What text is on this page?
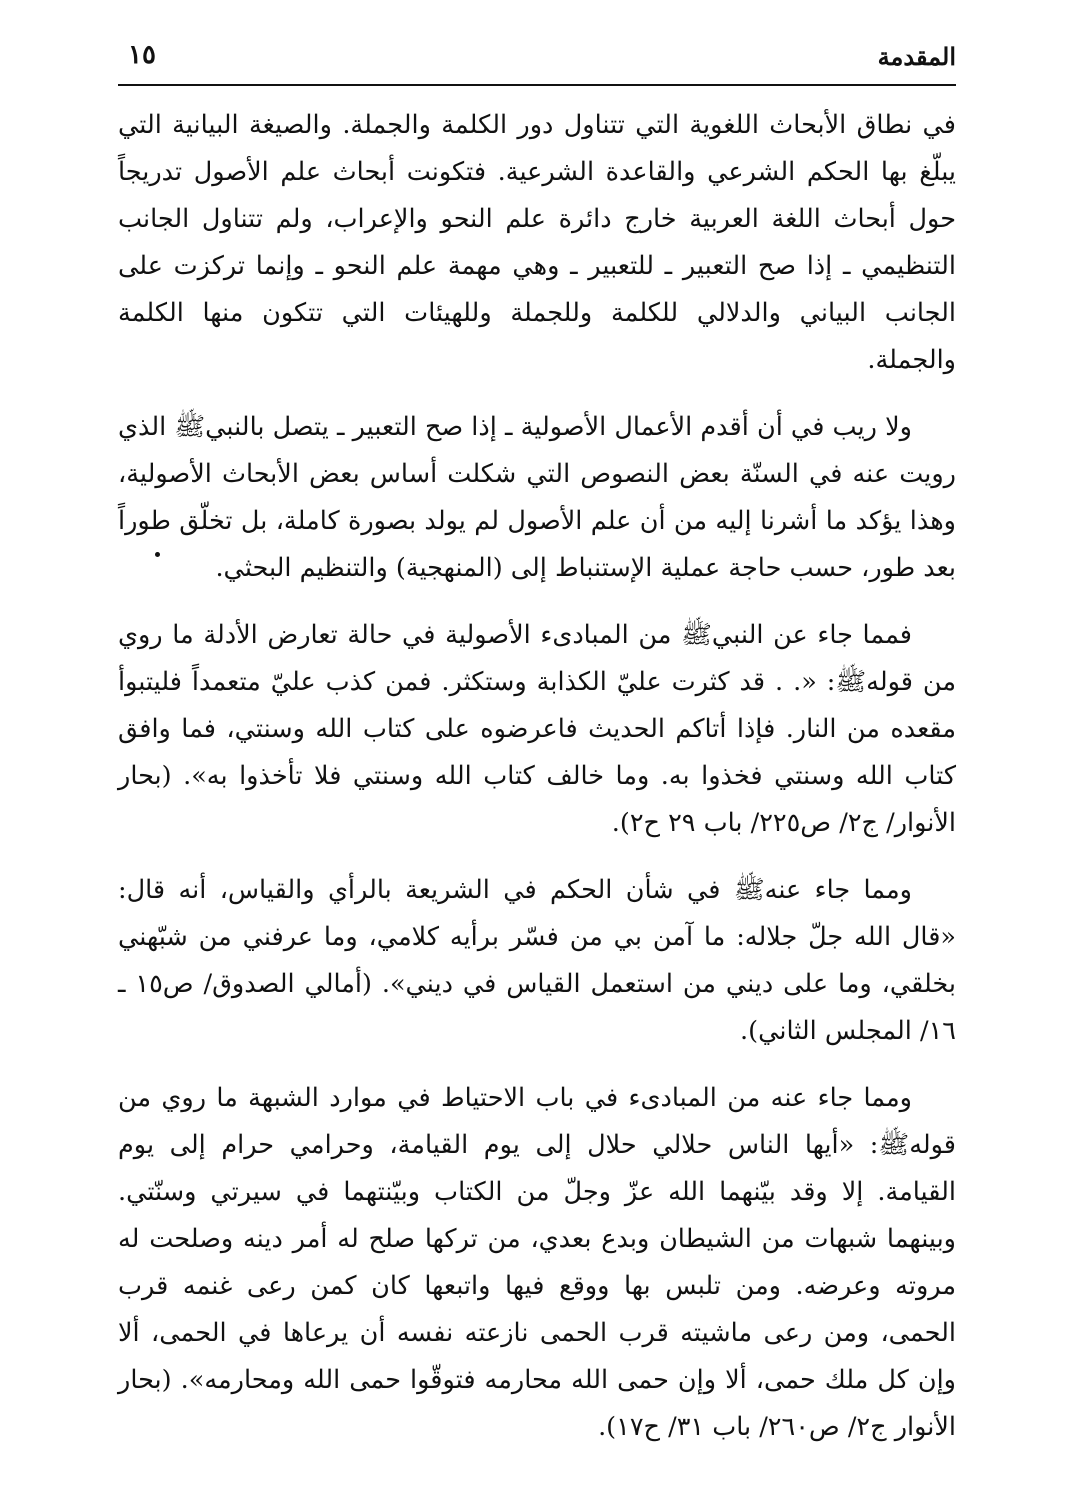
المقدمة
١٥

في نطاق الأبحاث اللغوية التي تتناول دور الكلمة والجملة. والصيغة البيانية التي يبلّغ بها الحكم الشرعي والقاعدة الشرعية. فتكونت أبحاث علم الأصول تدريجاً حول أبحاث اللغة العربية خارج دائرة علم النحو والإعراب، ولم تتناول الجانب التنظيمي ـ إذا صح التعبير ـ للتعبير ـ وهي مهمة علم النحو ـ وإنما تركزت على الجانب البياني والدلالي للكلمة وللجملة وللهيئات التي تتكون منها الكلمة والجملة.

ولا ريب في أن أقدم الأعمال الأصولية ـ إذا صح التعبير ـ يتصل بالنبيﷺ الذي رويت عنه في السنّة بعض النصوص التي شكلت أساس بعض الأبحاث الأصولية، وهذا يؤكد ما أشرنا إليه من أن علم الأصول لم يولد بصورة كاملة، بل تخلّق طوراً بعد طور، حسب حاجة عملية الإستنباط إلى (المنهجية) والتنظيم البحثي.

فمما جاء عن النبيﷺ من المبادىء الأصولية في حالة تعارض الأدلة ما روي من قولهﷺ: «. . قد كثرت عليّ الكذابة وستكثر. فمن كذب عليّ متعمداً فليتبوأ مقعده من النار. فإذا أتاكم الحديث فاعرضوه على كتاب الله وسنتي، فما وافق كتاب الله وسنتي فخذوا به. وما خالف كتاب الله وسنتي فلا تأخذوا به». (بحار الأنوار/ ج٢/ ص٢٢٥/ باب ٢٩ ح٢).

ومما جاء عنهﷺ في شأن الحكم في الشريعة بالرأي والقياس، أنه قال: «قال الله جلّ جلاله: ما آمن بي من فسّر برأيه كلامي، وما عرفني من شبّهني بخلقي، وما على ديني من استعمل القياس في ديني». (أمالي الصدوق/ ص١٥ ـ ١٦/ المجلس الثاني).

ومما جاء عنه من المبادىء في باب الاحتياط في موارد الشبهة ما روي من قولهﷺ: «أيها الناس حلالي حلال إلى يوم القيامة، وحرامي حرام إلى يوم القيامة. إلا وقد بيّنهما الله عزّ وجلّ من الكتاب وبيّنتهما في سيرتي وسنّتي. وبينهما شبهات من الشيطان وبدع بعدي، من تركها صلح له أمر دينه وصلحت له مروته وعرضه. ومن تلبس بها ووقع فيها واتبعها كان كمن رعى غنمه قرب الحمى، ومن رعى ماشيته قرب الحمى نازعته نفسه أن يرعاها في الحمى، ألا وإن كل ملك حمى، ألا وإن حمى الله محارمه فتوقّوا حمى الله ومحارمه». (بحار الأنوار ج٢/ ص٢٦٠/ باب ٣١/ ح١٧).
